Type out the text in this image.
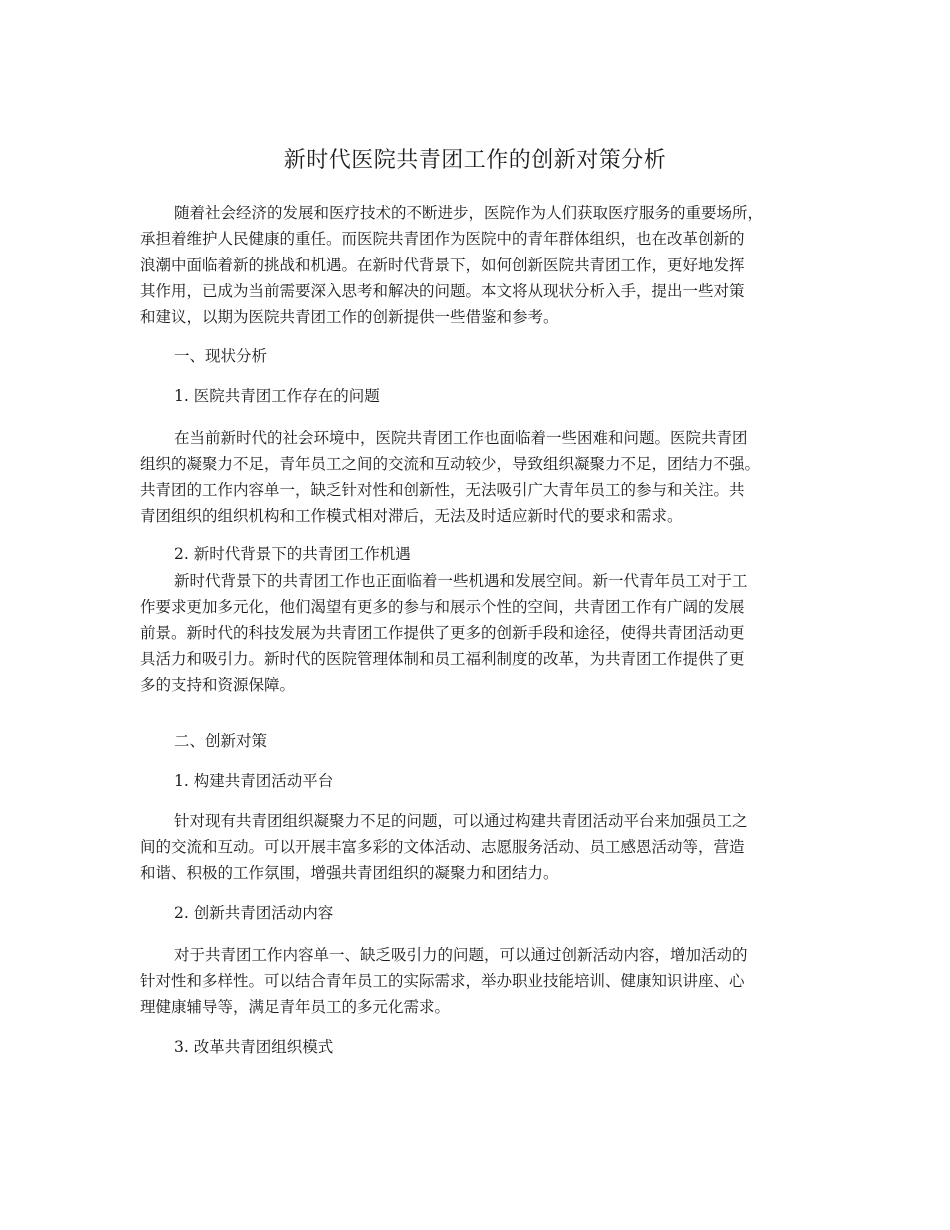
新时代医院共青团工作的创新对策分析
随着社会经济的发展和医疗技术的不断进步，医院作为人们获取医疗服务的重要场所，
承担着维护人民健康的重任。而医院共青团作为医院中的青年群体组织，也在改革创新的
浪潮中面临着新的挑战和机遇。在新时代背景下，如何创新医院共青团工作，更好地发挥
其作用，已成为当前需要深入思考和解决的问题。本文将从现状分析入手，提出一些对策
和建议，以期为医院共青团工作的创新提供一些借鉴和参考。
一、现状分析
1. 医院共青团工作存在的问题
在当前新时代的社会环境中，医院共青团工作也面临着一些困难和问题。医院共青团
组织的凝聚力不足，青年员工之间的交流和互动较少，导致组织凝聚力不足，团结力不强。
共青团的工作内容单一，缺乏针对性和创新性，无法吸引广大青年员工的参与和关注。共
青团组织的组织机构和工作模式相对滞后，无法及时适应新时代的要求和需求。
2. 新时代背景下的共青团工作机遇
新时代背景下的共青团工作也正面临着一些机遇和发展空间。新一代青年员工对于工
作要求更加多元化，他们渴望有更多的参与和展示个性的空间，共青团工作有广阔的发展
前景。新时代的科技发展为共青团工作提供了更多的创新手段和途径，使得共青团活动更
具活力和吸引力。新时代的医院管理体制和员工福利制度的改革，为共青团工作提供了更
多的支持和资源保障。
二、创新对策
1. 构建共青团活动平台
针对现有共青团组织凝聚力不足的问题，可以通过构建共青团活动平台来加强员工之
间的交流和互动。可以开展丰富多彩的文体活动、志愿服务活动、员工感恩活动等，营造
和谐、积极的工作氛围，增强共青团组织的凝聚力和团结力。
2. 创新共青团活动内容
对于共青团工作内容单一、缺乏吸引力的问题，可以通过创新活动内容，增加活动的
针对性和多样性。可以结合青年员工的实际需求，举办职业技能培训、健康知识讲座、心
理健康辅导等，满足青年员工的多元化需求。
3. 改革共青团组织模式
